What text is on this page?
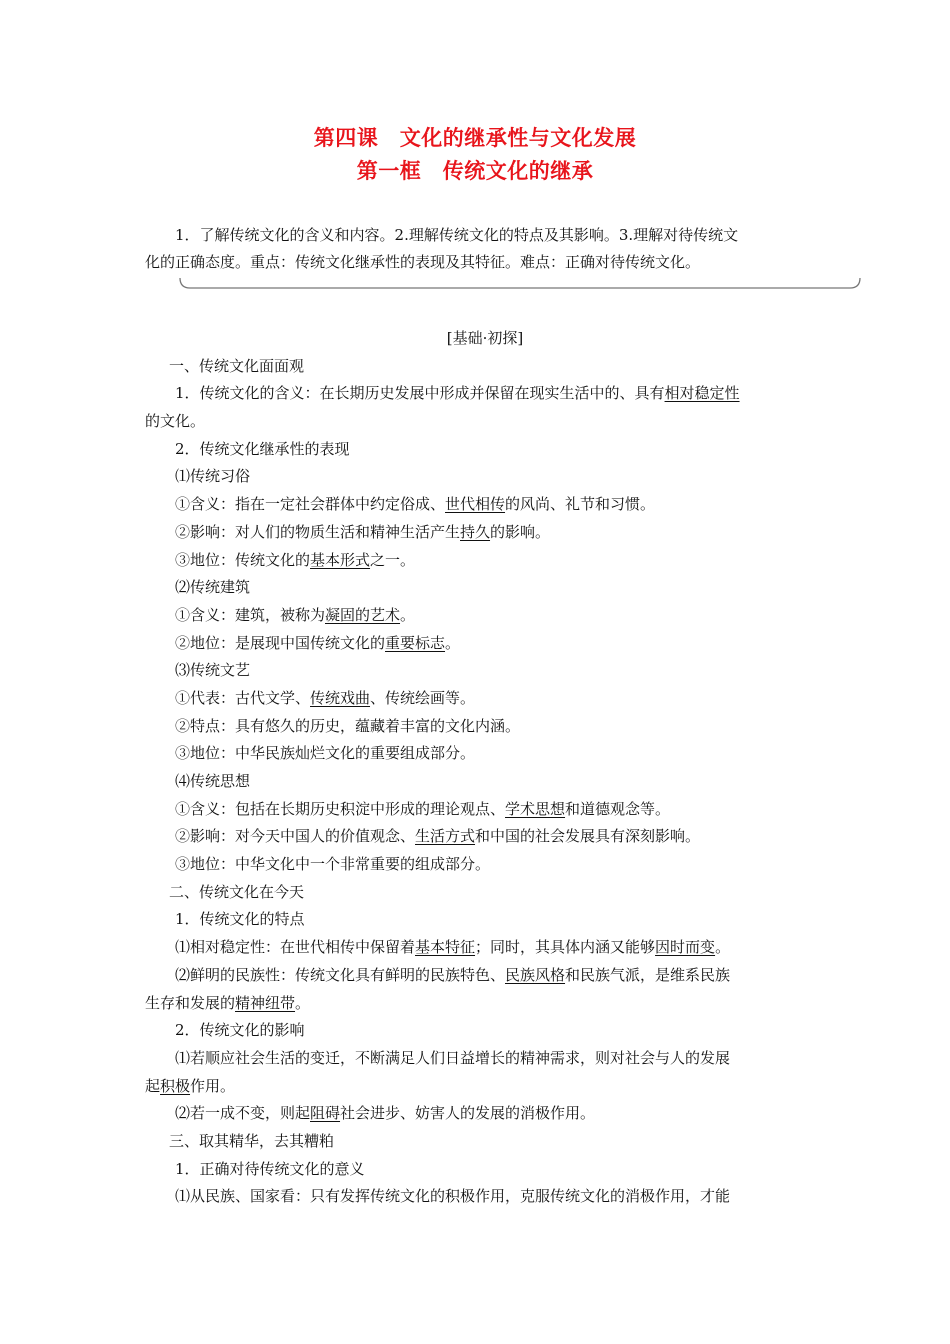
第四课　文化的继承性与文化发展
第一框　传统文化的继承

1．了解传统文化的含义和内容。2.理解传统文化的特点及其影响。3.理解对待传统文

化的正确态度。重点：传统文化继承性的表现及其特征。难点：正确对待传统文化。

[基础·初探]
一、传统文化面面观
1．传统文化的含义：在长期历史发展中形成并保留在现实生活中的、具有相对稳定性
的文化。
2．传统文化继承性的表现
⑴传统习俗
①含义：指在一定社会群体中约定俗成、世代相传的风尚、礼节和习惯。
②影响：对人们的物质生活和精神生活产生持久的影响。
③地位：传统文化的基本形式之一。
⑵传统建筑
①含义：建筑，被称为凝固的艺术。
②地位：是展现中国传统文化的重要标志。
⑶传统文艺
①代表：古代文学、传统戏曲、传统绘画等。
②特点：具有悠久的历史，蕴藏着丰富的文化内涵。
③地位：中华民族灿烂文化的重要组成部分。
⑷传统思想
①含义：包括在长期历史积淀中形成的理论观点、学术思想和道德观念等。
②影响：对今天中国人的价值观念、生活方式和中国的社会发展具有深刻影响。
③地位：中华文化中一个非常重要的组成部分。
二、传统文化在今天
1．传统文化的特点
⑴相对稳定性：在世代相传中保留着基本特征；同时，其具体内涵又能够因时而变。
⑵鲜明的民族性：传统文化具有鲜明的民族特色、民族风格和民族气派，是维系民族
生存和发展的精神纽带。
2．传统文化的影响
⑴若顺应社会生活的变迁，不断满足人们日益增长的精神需求，则对社会与人的发展
起积极作用。
⑵若一成不变，则起阻碍社会进步、妨害人的发展的消极作用。
三、取其精华，去其糟粕
1．正确对待传统文化的意义
⑴从民族、国家看：只有发挥传统文化的积极作用，克服传统文化的消极作用，才能
